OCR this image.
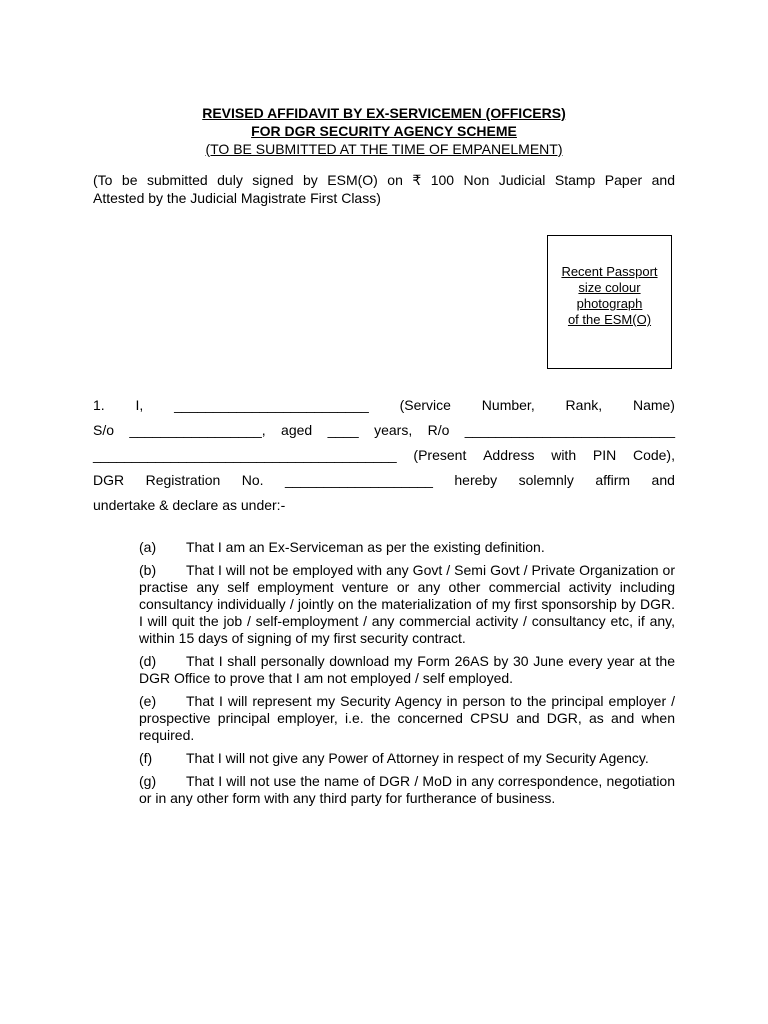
REVISED AFFIDAVIT BY EX-SERVICEMEN (OFFICERS)
FOR DGR SECURITY AGENCY SCHEME
(TO BE SUBMITTED AT THE TIME OF EMPANELMENT)
(To be submitted duly signed by ESM(O) on ₹ 100 Non Judicial Stamp Paper and
Attested by the Judicial Magistrate First Class)
Recent Passport
size colour
photograph
of the ESM(O)
1. I, _________________________ (Service Number, Rank, Name)
S/o _________________, aged ____ years, R/o ___________________________
_______________________________________ (Present Address with PIN Code),
DGR Registration No. ___________________ hereby solemnly affirm and
undertake & declare as under:-
(a) That I am an Ex-Serviceman as per the existing definition.
(b) That I will not be employed with any Govt / Semi Govt / Private Organization or practise any self employment venture or any other commercial activity including consultancy individually / jointly on the materialization of my first sponsorship by DGR. I will quit the job / self-employment / any commercial activity / consultancy etc, if any, within 15 days of signing of my first security contract.
(d) That I shall personally download my Form 26AS by 30 June every year at the DGR Office to prove that I am not employed / self employed.
(e) That I will represent my Security Agency in person to the principal employer / prospective principal employer, i.e. the concerned CPSU and DGR, as and when required.
(f) That I will not give any Power of Attorney in respect of my Security Agency.
(g) That I will not use the name of DGR / MoD in any correspondence, negotiation or in any other form with any third party for furtherance of business.
